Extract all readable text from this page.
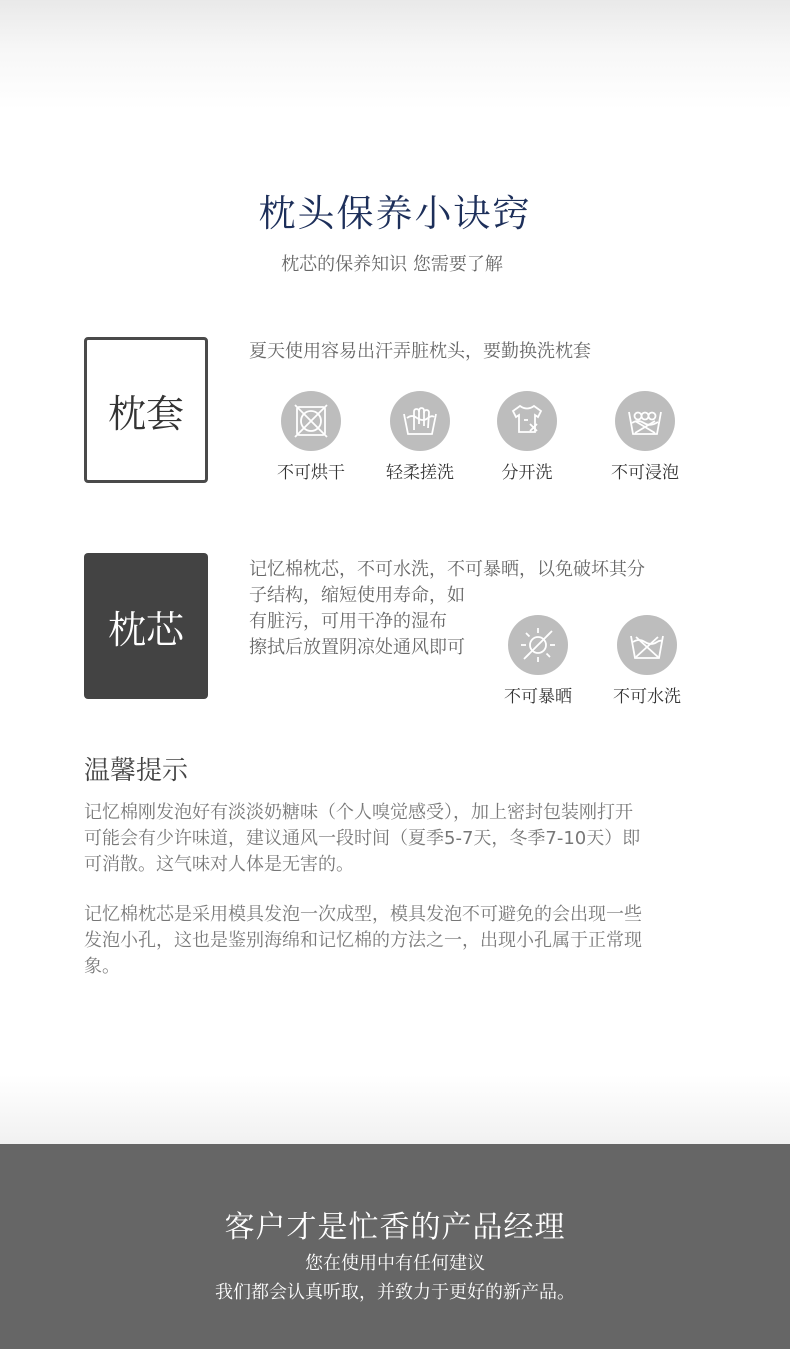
枕头保养小诀窍
枕芯的保养知识 您需要了解
枕套
夏天使用容易出汗弄脏枕头，要勤换洗枕套
不可烘干	轻柔搓洗	分开洗	不可浸泡
枕芯
记忆棉枕芯，不可水洗，不可暴晒，以免破坏其分
子结构，缩短使用寿命，如
有脏污，可用干净的湿布
擦拭后放置阴凉处通风即可
不可暴晒	不可水洗
温馨提示
记忆棉刚发泡好有淡淡奶糖味（个人嗅觉感受），加上密封包装刚打开
可能会有少许味道，建议通风一段时间（夏季5-7天，冬季7-10天）即
可消散。这气味对人体是无害的。
记忆棉枕芯是采用模具发泡一次成型，模具发泡不可避免的会出现一些
发泡小孔，这也是鉴别海绵和记忆棉的方法之一，出现小孔属于正常现
象。
客户才是忙香的产品经理
您在使用中有任何建议
我们都会认真听取，并致力于更好的新产品。
